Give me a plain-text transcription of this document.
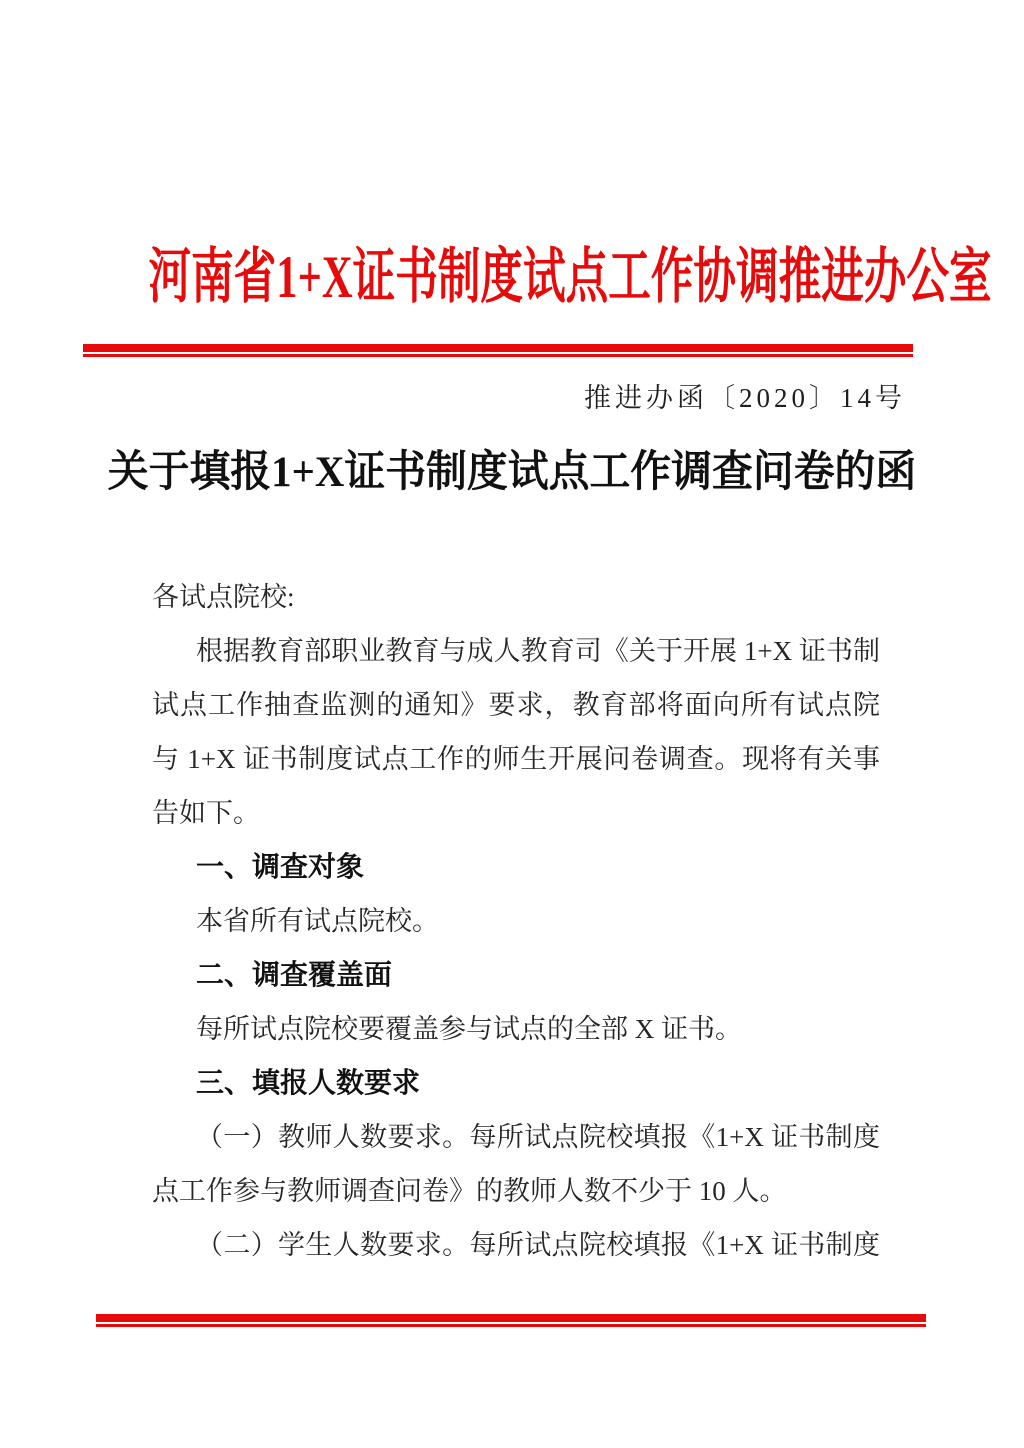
河南省1+X证书制度试点工作协调推进办公室
推进办函〔2020〕14号
关于填报1+X证书制度试点工作调查问卷的函
各试点院校:
根据教育部职业教育与成人教育司《关于开展 1+X 证书制
试点工作抽查监测的通知》要求，教育部将面向所有试点院
与 1+X 证书制度试点工作的师生开展问卷调查。现将有关事
告如下。
一、调查对象
本省所有试点院校。
二、调查覆盖面
每所试点院校要覆盖参与试点的全部 X 证书。
三、填报人数要求
（一）教师人数要求。每所试点院校填报《1+X 证书制度
点工作参与教师调查问卷》的教师人数不少于 10 人。
（二）学生人数要求。每所试点院校填报《1+X 证书制度
